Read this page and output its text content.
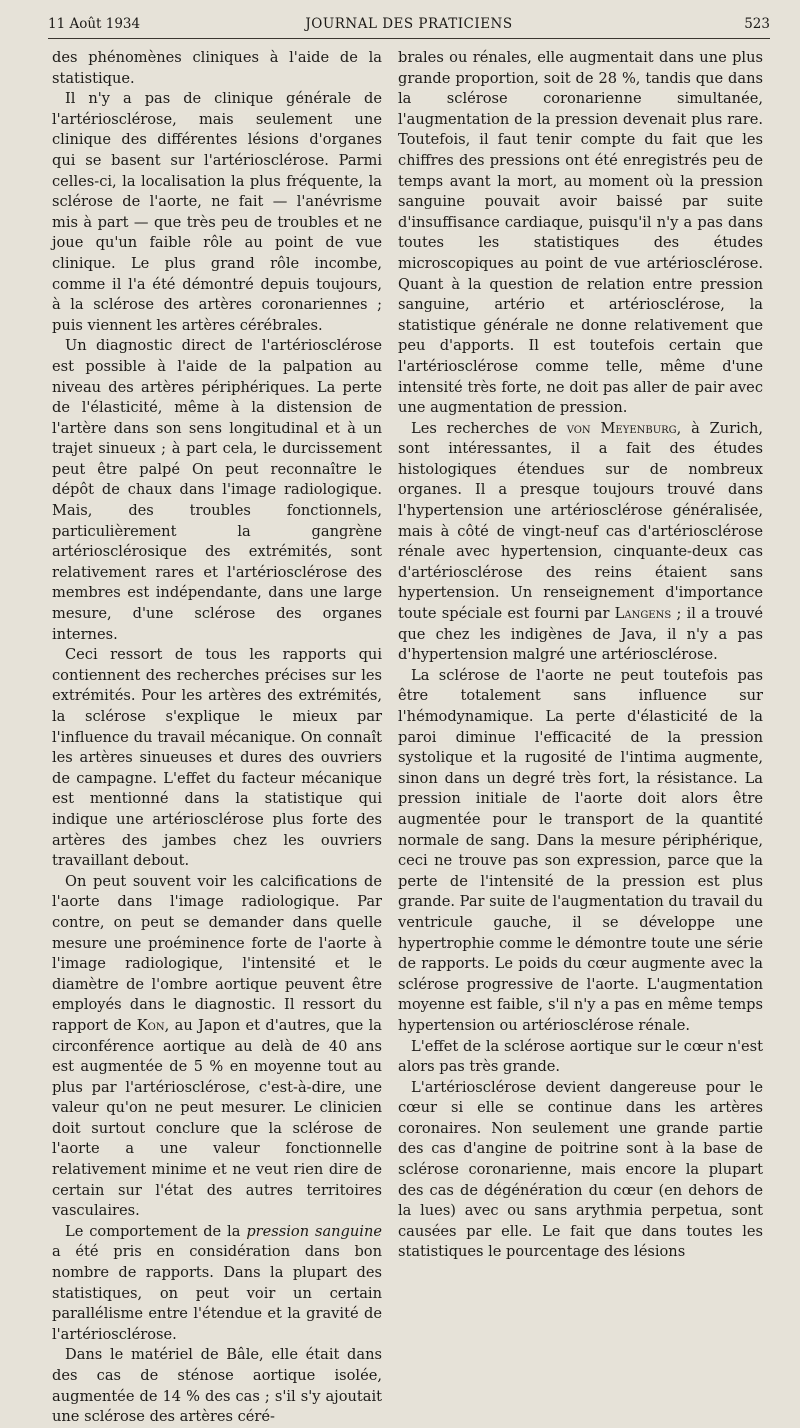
11 Août 1934	JOURNAL DES PRATICIENS	523

des phénomènes cliniques à l'aide de la statistique.

Il n'y a pas de clinique générale de l'artériosclérose, mais seulement une clinique des différentes lésions d'organes qui se basent sur l'artériosclérose. Parmi celles-ci, la localisation la plus fréquente, la sclérose de l'aorte, ne fait — l'anévrisme mis à part — que très peu de troubles et ne joue qu'un faible rôle au point de vue clinique. Le plus grand rôle incombe, comme il l'a été démontré depuis toujours, à la sclérose des artères coronariennes ; puis viennent les artères cérébrales.

Un diagnostic direct de l'artériosclérose est possible à l'aide de la palpation au niveau des artères périphériques. La perte de l'élasticité, même à la distension de l'artère dans son sens longitudinal et à un trajet sinueux ; à part cela, le durcissement peut être palpé On peut reconnaître le dépôt de chaux dans l'image radiologique. Mais, des troubles fonctionnels, particulièrement la gangrène artériosclérosique des extrémités, sont relativement rares et l'artériosclérose des membres est indépendante, dans une large mesure, d'une sclérose des organes internes.

Ceci ressort de tous les rapports qui contiennent des recherches précises sur les extrémités. Pour les artères des extrémités, la sclérose s'explique le mieux par l'influence du travail mécanique. On connaît les artères sinueuses et dures des ouvriers de campagne. L'effet du facteur mécanique est mentionné dans la statistique qui indique une artériosclérose plus forte des artères des jambes chez les ouvriers travaillant debout.

On peut souvent voir les calcifications de l'aorte dans l'image radiologique. Par contre, on peut se demander dans quelle mesure une proéminence forte de l'aorte à l'image radiologique, l'intensité et le diamètre de l'ombre aortique peuvent être employés dans le diagnostic. Il ressort du rapport de Kon, au Japon et d'autres, que la circonférence aortique au delà de 40 ans est augmentée de 5 % en moyenne tout au plus par l'artériosclérose, c'est-à-dire, une valeur qu'on ne peut mesurer. Le clinicien doit surtout conclure que la sclérose de l'aorte a une valeur fonctionnelle relativement minime et ne veut rien dire de certain sur l'état des autres territoires vasculaires.

Le comportement de la pression sanguine a été pris en considération dans bon nombre de rapports. Dans la plupart des statistiques, on peut voir un certain parallélisme entre l'étendue et la gravité de l'artériosclérose.

Dans le matériel de Bâle, elle était dans des cas de sténose aortique isolée, augmentée de 14 % des cas ; s'il s'y ajoutait une sclérose des artères céré-

brales ou rénales, elle augmentait dans une plus grande proportion, soit de 28 %, tandis que dans la sclérose coronarienne simultanée, l'augmentation de la pression devenait plus rare. Toutefois, il faut tenir compte du fait que les chiffres des pressions ont été enregistrés peu de temps avant la mort, au moment où la pression sanguine pouvait avoir baissé par suite d'insuffisance cardiaque, puisqu'il n'y a pas dans toutes les statistiques des études microscopiques au point de vue artériosclérose. Quant à la question de relation entre pression sanguine, artério et artériosclérose, la statistique générale ne donne relativement que peu d'apports. Il est toutefois certain que l'artériosclérose comme telle, même d'une intensité très forte, ne doit pas aller de pair avec une augmentation de pression.

Les recherches de von Meyenburg, à Zurich, sont intéressantes, il a fait des études histologiques étendues sur de nombreux organes. Il a presque toujours trouvé dans l'hypertension une artériosclérose généralisée, mais à côté de vingt-neuf cas d'artériosclérose rénale avec hypertension, cinquante-deux cas d'artériosclérose des reins étaient sans hypertension. Un renseignement d'importance toute spéciale est fourni par Langens ; il a trouvé que chez les indigènes de Java, il n'y a pas d'hypertension malgré une artériosclérose.

La sclérose de l'aorte ne peut toutefois pas être totalement sans influence sur l'hémodynamique. La perte d'élasticité de la paroi diminue l'efficacité de la pression systolique et la rugosité de l'intima augmente, sinon dans un degré très fort, la résistance. La pression initiale de l'aorte doit alors être augmentée pour le transport de la quantité normale de sang. Dans la mesure périphérique, ceci ne trouve pas son expression, parce que la perte de l'intensité de la pression est plus grande. Par suite de l'augmentation du travail du ventricule gauche, il se développe une hypertrophie comme le démontre toute une série de rapports. Le poids du cœur augmente avec la sclérose progressive de l'aorte. L'augmentation moyenne est faible, s'il n'y a pas en même temps hypertension ou artériosclérose rénale.

L'effet de la sclérose aortique sur le cœur n'est alors pas très grande.

L'artériosclérose devient dangereuse pour le cœur si elle se continue dans les artères coronaires. Non seulement une grande partie des cas d'angine de poitrine sont à la base de sclérose coronarienne, mais encore la plupart des cas de dégénération du cœur (en dehors de la lues) avec ou sans arythmia perpetua, sont causées par elle. Le fait que dans toutes les statistiques le pourcentage des lésions
